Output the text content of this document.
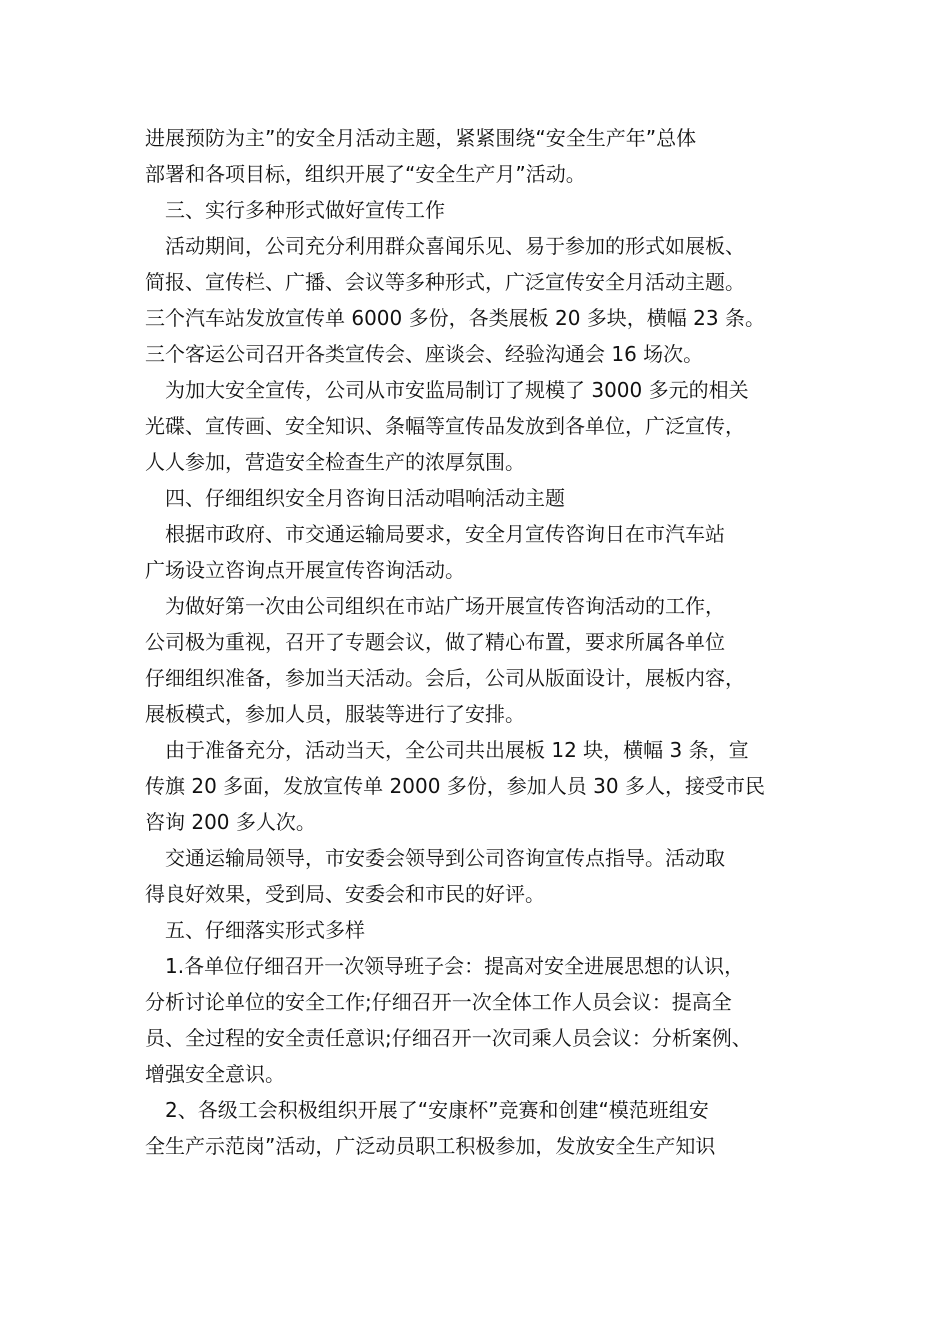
进展预防为主”的安全月活动主题，紧紧围绕“安全生产年”总体
部署和各项目标，组织开展了“安全生产月”活动。
三、实行多种形式做好宣传工作
活动期间，公司充分利用群众喜闻乐见、易于参加的形式如展板、
简报、宣传栏、广播、会议等多种形式，广泛宣传安全月活动主题。
三个汽车站发放宣传单 6000 多份，各类展板 20 多块，横幅 23 条。
三个客运公司召开各类宣传会、座谈会、经验沟通会 16 场次。
为加大安全宣传，公司从市安监局制订了规模了 3000 多元的相关
光碟、宣传画、安全知识、条幅等宣传品发放到各单位，广泛宣传，
人人参加，营造安全检查生产的浓厚氛围。
四、仔细组织安全月咨询日活动唱响活动主题
根据市政府、市交通运输局要求，安全月宣传咨询日在市汽车站
广场设立咨询点开展宣传咨询活动。
为做好第一次由公司组织在市站广场开展宣传咨询活动的工作，
公司极为重视，召开了专题会议，做了精心布置，要求所属各单位
仔细组织准备，参加当天活动。会后，公司从版面设计，展板内容，
展板模式，参加人员，服装等进行了安排。
由于准备充分，活动当天，全公司共出展板 12 块，横幅 3 条，宣
传旗 20 多面，发放宣传单 2000 多份，参加人员 30 多人，接受市民
咨询 200 多人次。
交通运输局领导，市安委会领导到公司咨询宣传点指导。活动取
得良好效果，受到局、安委会和市民的好评。
五、仔细落实形式多样
1.各单位仔细召开一次领导班子会：提高对安全进展思想的认识，
分析讨论单位的安全工作;仔细召开一次全体工作人员会议：提高全
员、全过程的安全责任意识;仔细召开一次司乘人员会议：分析案例、
增强安全意识。
2、各级工会积极组织开展了“安康杯”竞赛和创建“模范班组安
全生产示范岗”活动，广泛动员职工积极参加，发放安全生产知识
